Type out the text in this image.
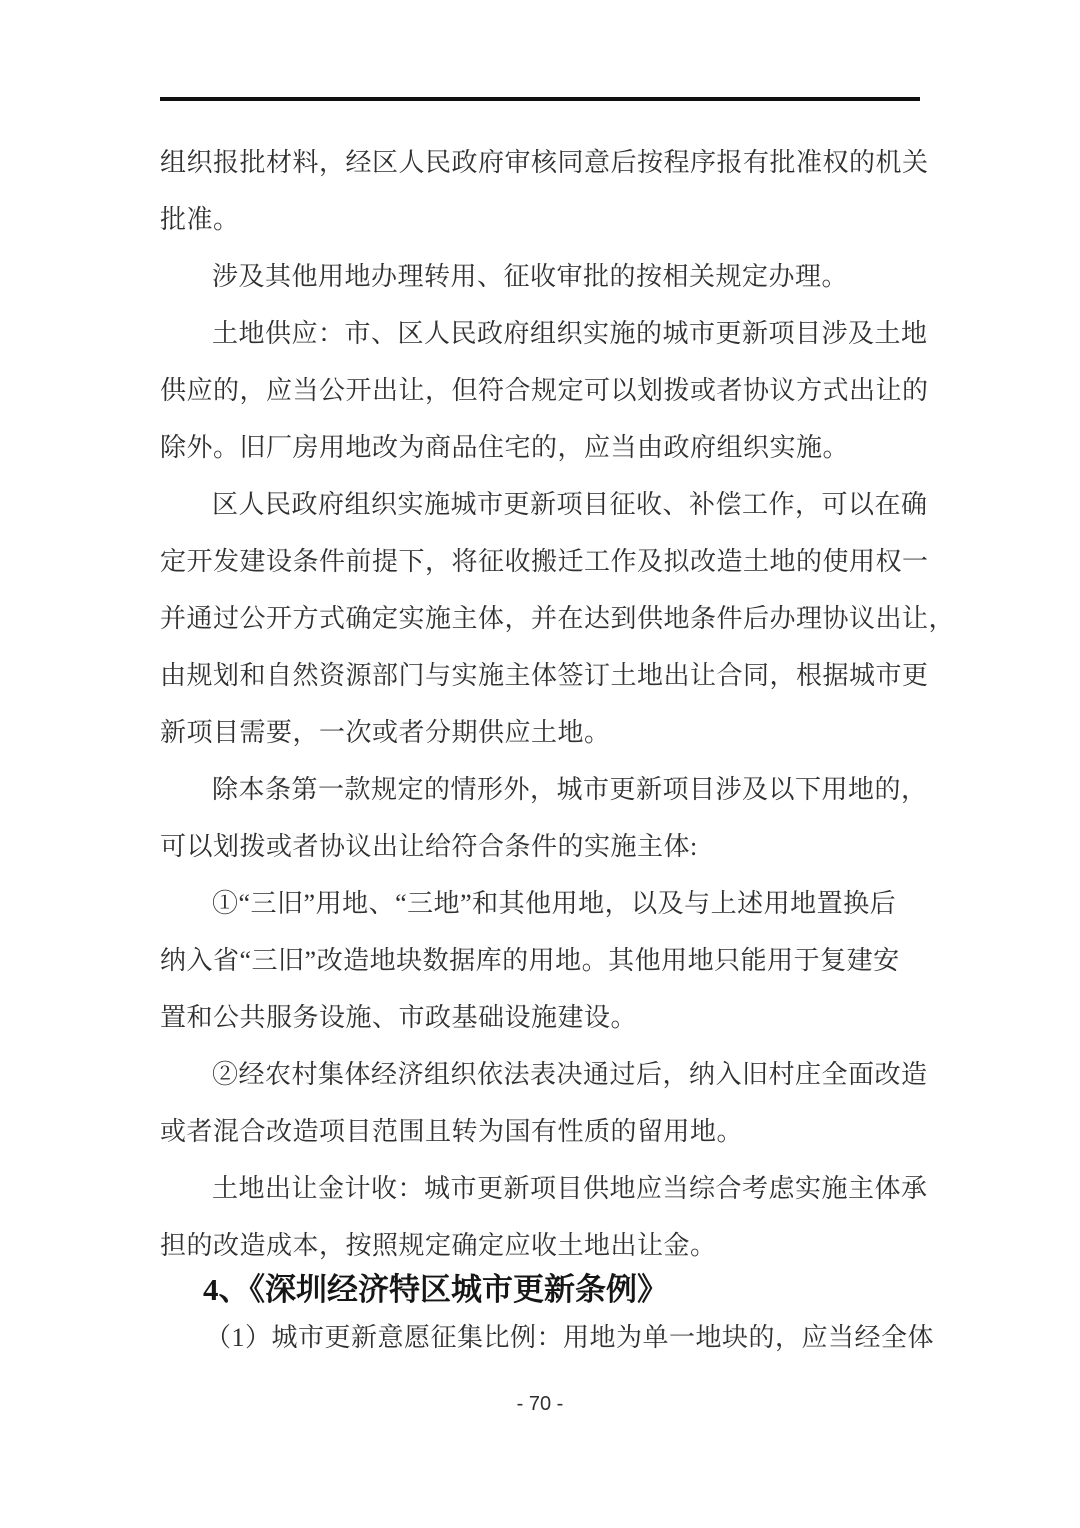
组织报批材料，经区人民政府审核同意后按程序报有批准权的机关
批准。
涉及其他用地办理转用、征收审批的按相关规定办理。
土地供应：市、区人民政府组织实施的城市更新项目涉及土地
供应的，应当公开出让，但符合规定可以划拨或者协议方式出让的
除外。旧厂房用地改为商品住宅的，应当由政府组织实施。
区人民政府组织实施城市更新项目征收、补偿工作，可以在确
定开发建设条件前提下，将征收搬迁工作及拟改造土地的使用权一
并通过公开方式确定实施主体，并在达到供地条件后办理协议出让，
由规划和自然资源部门与实施主体签订土地出让合同，根据城市更
新项目需要，一次或者分期供应土地。
除本条第一款规定的情形外，城市更新项目涉及以下用地的，
可以划拨或者协议出让给符合条件的实施主体:
①“三旧”用地、“三地”和其他用地，以及与上述用地置换后
纳入省“三旧”改造地块数据库的用地。其他用地只能用于复建安
置和公共服务设施、市政基础设施建设。
②经农村集体经济组织依法表决通过后，纳入旧村庄全面改造
或者混合改造项目范围且转为国有性质的留用地。
土地出让金计收：城市更新项目供地应当综合考虑实施主体承
担的改造成本，按照规定确定应收土地出让金。
4、《深圳经济特区城市更新条例》
（1）城市更新意愿征集比例：用地为单一地块的，应当经全体
- 70 -
